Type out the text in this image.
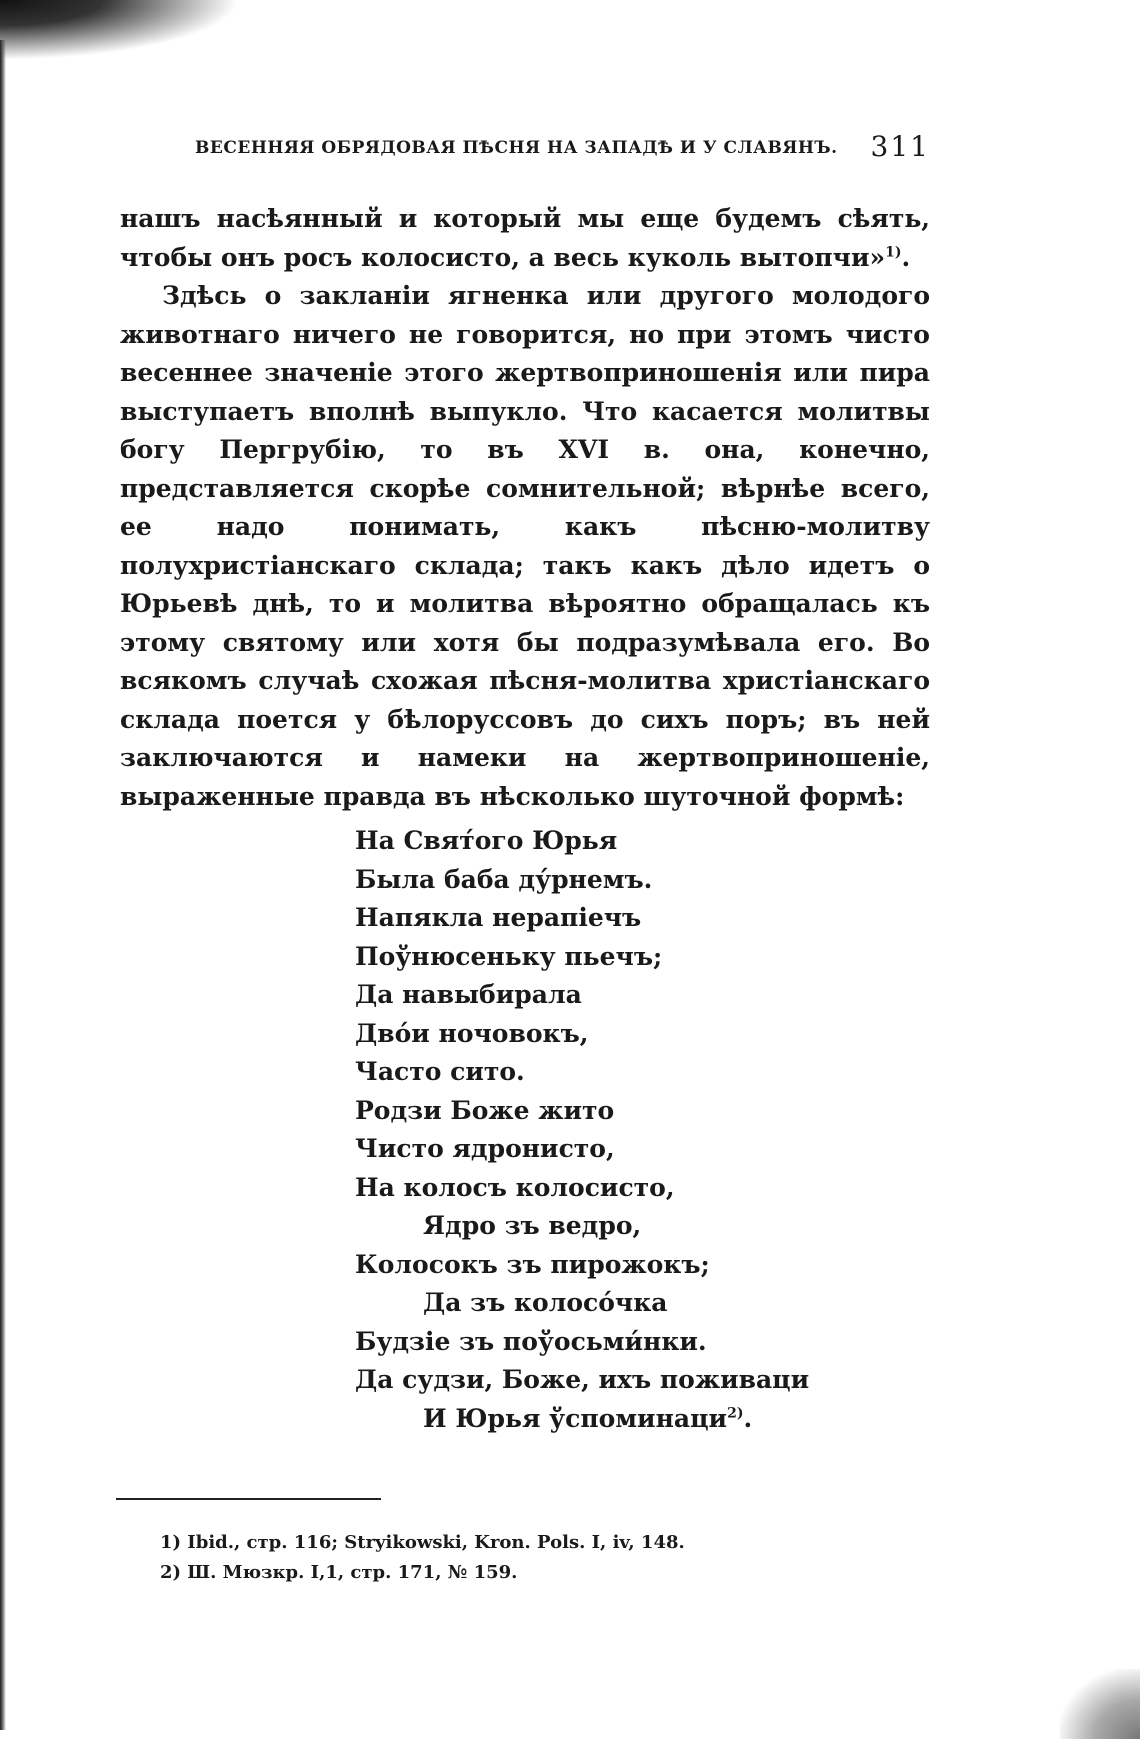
ВЕСЕННЯЯ ОБРЯДОВАЯ ПѢСНЯ НА ЗАПАДѢ И У СЛАВЯНЪ. 311

нашъ насѣянный и который мы еще будемъ сѣять, чтобы онъ росъ колосисто, а весь куколь вытопчи»$^{1)}$.

Здѣсь о закланіи ягненка или другого молодого животнаго ничего не говорится, но при этомъ чисто весеннее значеніе этого жертвоприношенія или пира выступаетъ вполнѣ выпукло. Что касается молитвы богу Пергрубію, то въ XVI в. она, конечно, представляется скорѣе сомнительной; вѣрнѣе всего, ее надо понимать, какъ пѣсню-молитву полухристіанскаго склада; такъ какъ дѣло идетъ о Юрьевѣ днѣ, то и молитва вѣроятно обращалась къ этому святому или хотя бы подразумѣвала его. Во всякомъ случаѣ схожая пѣсня-молитва христіанскаго склада поется у бѣлоруссовъ до сихъ поръ; въ ней заключаются и намеки на жертвоприношеніе, выраженные правда въ нѣсколько шуточной формѣ:

На Свят́ого Юрья
Была баба ду́рнемъ.
Напякла нерапіечъ
Поўнюсеньку пьечъ;
Да навыбирала
Дво́и ночовокъ,
Часто сито.
Родзи Боже жито
Чисто ядронисто,
На колосъ колосисто,
Ядро зъ ведро,
Колосокъ зъ пирожокъ;
Да зъ колосо́чка
Будзіе зъ поўосьми́нки.
Да судзи, Боже, ихъ поживаци
И Юрья ўспоминаци$^{2)}$.
1) Ibid., стр. 116; Stryikowski, Kron. Pols. I, iv, 148.
2) Ш. Мюзкр. I,1, стр. 171, № 159.
